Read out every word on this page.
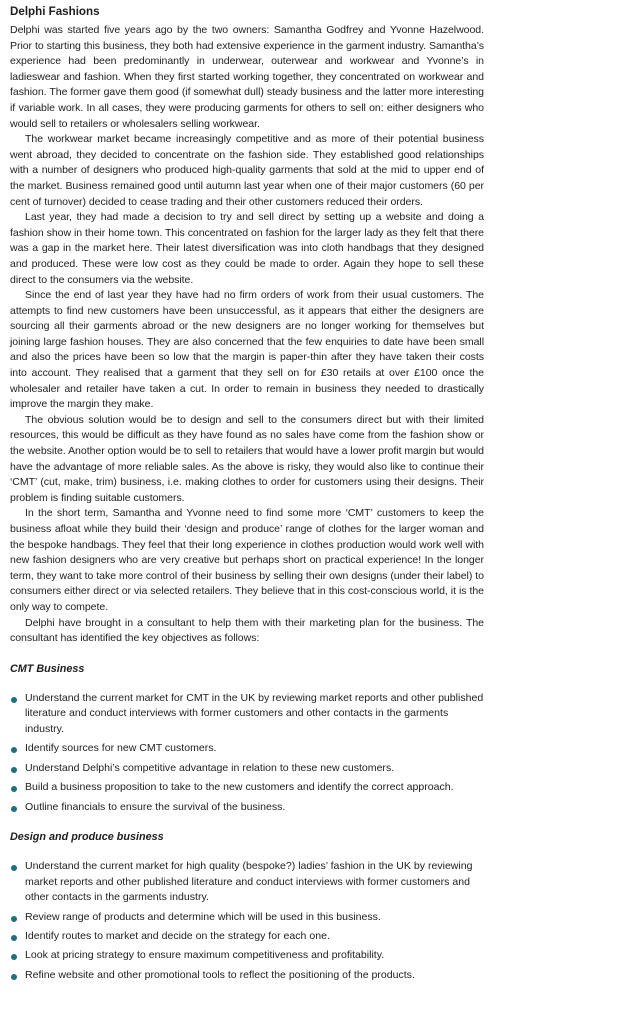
Delphi Fashions

Delphi was started five years ago by the two owners: Samantha Godfrey and Yvonne Hazelwood. Prior to starting this business, they both had extensive experience in the garment industry. Samantha’s experience had been predominantly in underwear, outerwear and workwear and Yvonne’s in ladieswear and fashion. When they first started working together, they concentrated on workwear and fashion. The former gave them good (if somewhat dull) steady business and the latter more interesting if variable work. In all cases, they were producing garments for others to sell on: either designers who would sell to retailers or wholesalers selling workwear.

The workwear market became increasingly competitive and as more of their potential business went abroad, they decided to concentrate on the fashion side. They established good relationships with a number of designers who produced high-quality garments that sold at the mid to upper end of the market. Business remained good until autumn last year when one of their major customers (60 per cent of turnover) decided to cease trading and their other customers reduced their orders.

Last year, they had made a decision to try and sell direct by setting up a website and doing a fashion show in their home town. This concentrated on fashion for the larger lady as they felt that there was a gap in the market here. Their latest diversification was into cloth handbags that they designed and produced. These were low cost as they could be made to order. Again they hope to sell these direct to the consumers via the website.

Since the end of last year they have had no firm orders of work from their usual customers. The attempts to find new customers have been unsuccessful, as it appears that either the designers are sourcing all their garments abroad or the new designers are no longer working for themselves but joining large fashion houses. They are also concerned that the few enquiries to date have been small and also the prices have been so low that the margin is paper-thin after they have taken their costs into account. They realised that a garment that they sell on for £30 retails at over £100 once the wholesaler and retailer have taken a cut. In order to remain in business they needed to drastically improve the margin they make.

The obvious solution would be to design and sell to the consumers direct but with their limited resources, this would be difficult as they have found as no sales have come from the fashion show or the website. Another option would be to sell to retailers that would have a lower profit margin but would have the advantage of more reliable sales. As the above is risky, they would also like to continue their ‘CMT’ (cut, make, trim) business, i.e. making clothes to order for customers using their designs. Their problem is finding suitable customers.

In the short term, Samantha and Yvonne need to find some more ‘CMT’ customers to keep the business afloat while they build their ‘design and produce’ range of clothes for the larger woman and the bespoke handbags. They feel that their long experience in clothes production would work well with new fashion designers who are very creative but perhaps short on practical experience! In the longer term, they want to take more control of their business by selling their own designs (under their label) to consumers either direct or via selected retailers. They believe that in this cost-conscious world, it is the only way to compete.

Delphi have brought in a consultant to help them with their marketing plan for the business. The consultant has identified the key objectives as follows:

CMT Business
Understand the current market for CMT in the UK by reviewing market reports and other published literature and conduct interviews with former customers and other contacts in the garments industry.
Identify sources for new CMT customers.
Understand Delphi’s competitive advantage in relation to these new customers.
Build a business proposition to take to the new customers and identify the correct approach.
Outline financials to ensure the survival of the business.
Design and produce business
Understand the current market for high quality (bespoke?) ladies’ fashion in the UK by reviewing market reports and other published literature and conduct interviews with former customers and other contacts in the garments industry.
Review range of products and determine which will be used in this business.
Identify routes to market and decide on the strategy for each one.
Look at pricing strategy to ensure maximum competitiveness and profitability.
Refine website and other promotional tools to reflect the positioning of the products.
